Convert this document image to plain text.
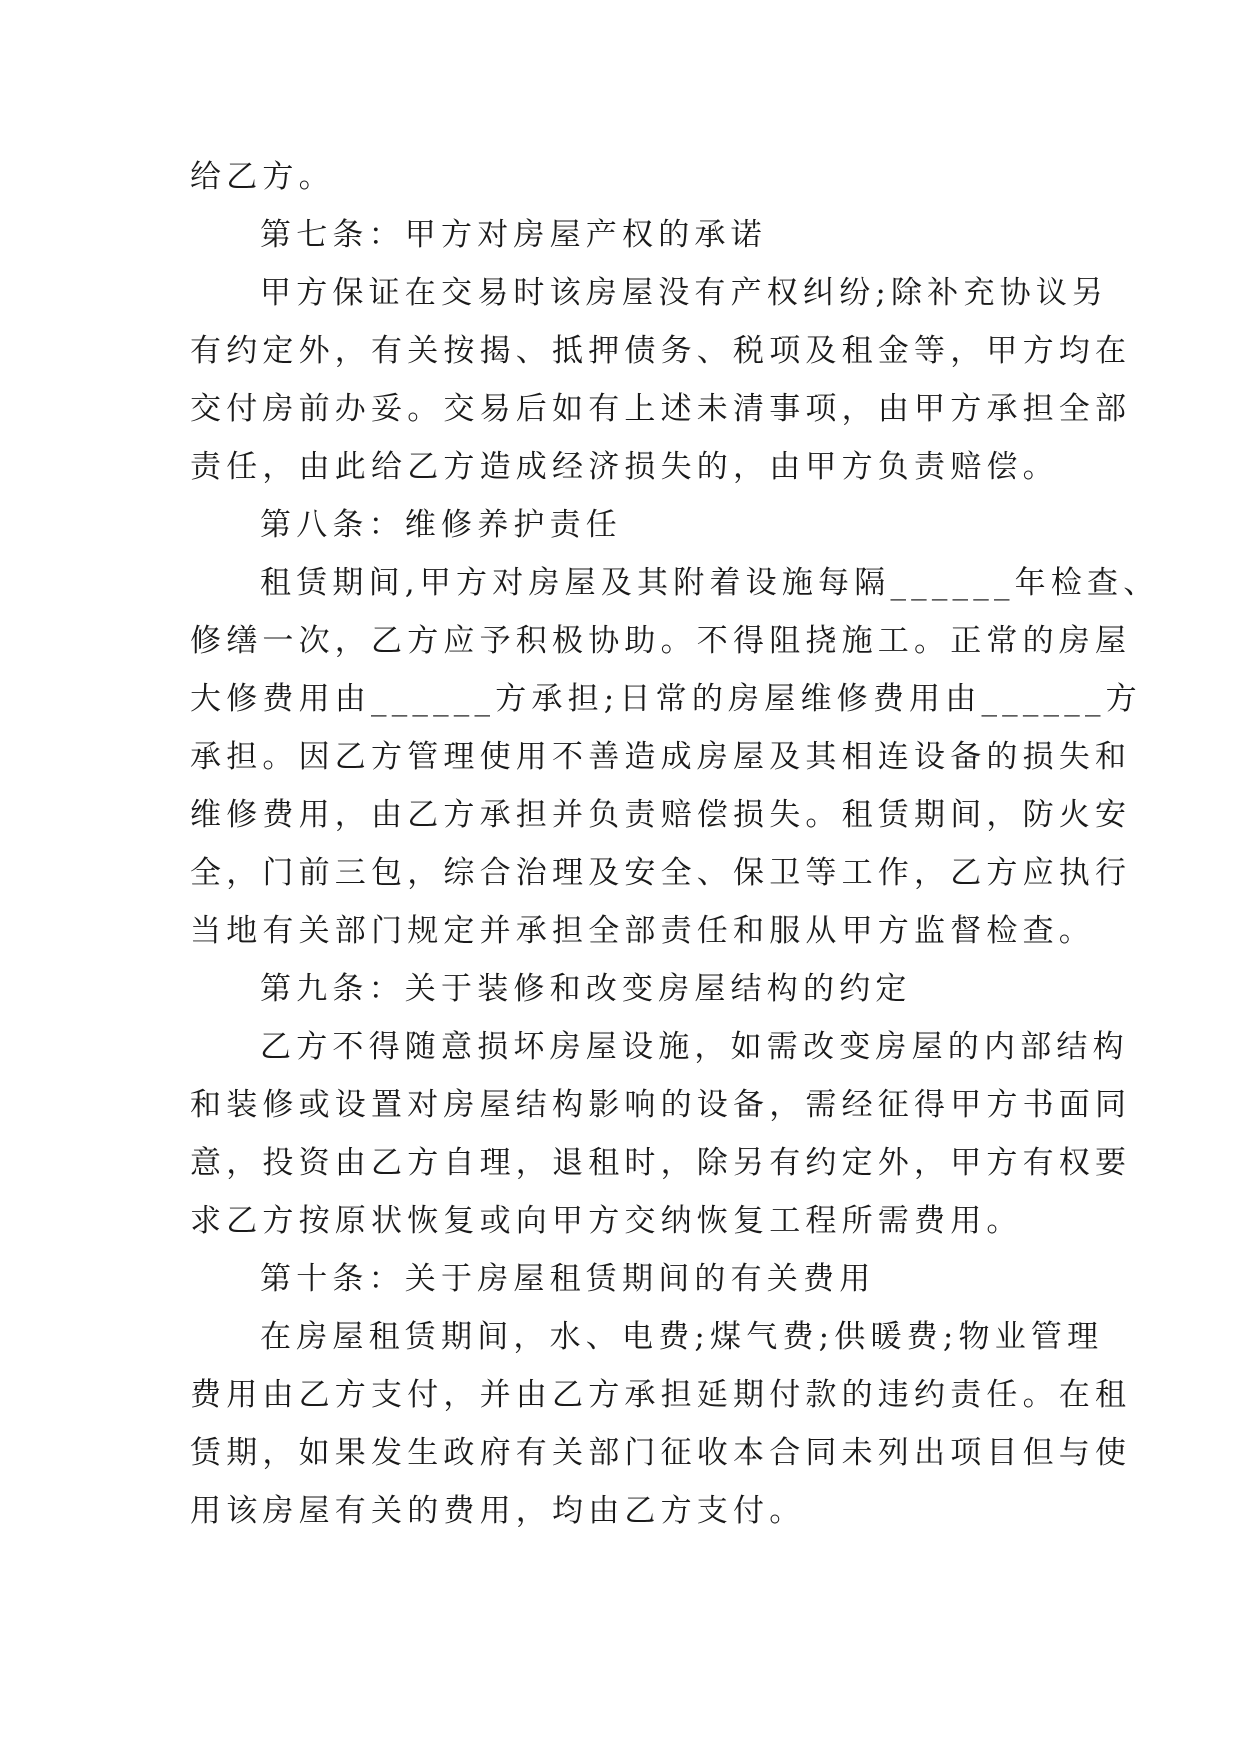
给乙方。
第七条：甲方对房屋产权的承诺
甲方保证在交易时该房屋没有产权纠纷;除补充协议另
有约定外，有关按揭、抵押债务、税项及租金等，甲方均在
交付房前办妥。交易后如有上述未清事项，由甲方承担全部
责任，由此给乙方造成经济损失的，由甲方负责赔偿。
第八条：维修养护责任
租赁期间,甲方对房屋及其附着设施每隔______年检查、
修缮一次，乙方应予积极协助。不得阻挠施工。正常的房屋
大修费用由______方承担;日常的房屋维修费用由______方
承担。因乙方管理使用不善造成房屋及其相连设备的损失和
维修费用，由乙方承担并负责赔偿损失。租赁期间，防火安
全，门前三包，综合治理及安全、保卫等工作，乙方应执行
当地有关部门规定并承担全部责任和服从甲方监督检查。
第九条：关于装修和改变房屋结构的约定
乙方不得随意损坏房屋设施，如需改变房屋的内部结构
和装修或设置对房屋结构影响的设备，需经征得甲方书面同
意，投资由乙方自理，退租时，除另有约定外，甲方有权要
求乙方按原状恢复或向甲方交纳恢复工程所需费用。
第十条：关于房屋租赁期间的有关费用
在房屋租赁期间，水、电费;煤气费;供暖费;物业管理
费用由乙方支付，并由乙方承担延期付款的违约责任。在租
赁期，如果发生政府有关部门征收本合同未列出项目但与使
用该房屋有关的费用，均由乙方支付。
